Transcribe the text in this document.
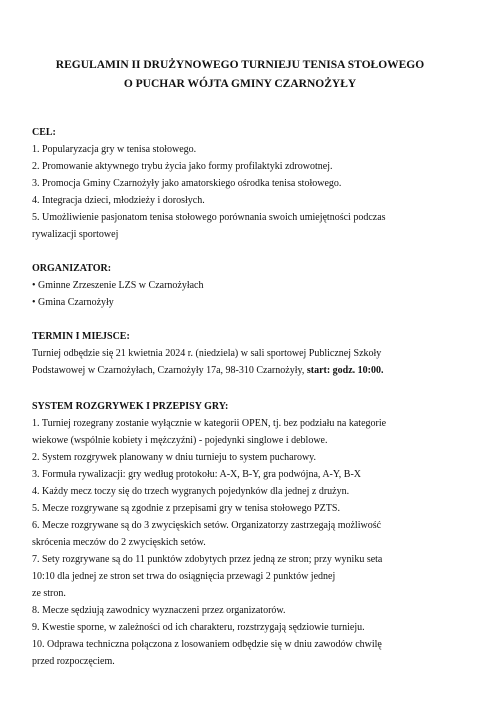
REGULAMIN II DRUŻYNOWEGO TURNIEJU TENISA STOŁOWEGO
O PUCHAR WÓJTA GMINY CZARNOŻYŁY
CEL:
1. Popularyzacja gry w tenisa stołowego.
2. Promowanie aktywnego trybu życia jako formy profilaktyki zdrowotnej.
3. Promocja Gminy Czarnożyły jako amatorskiego ośrodka tenisa stołowego.
4. Integracja dzieci, młodzieży i dorosłych.
5. Umożliwienie pasjonatom tenisa stołowego porównania swoich umiejętności podczas
rywalizacji sportowej
ORGANIZATOR:
• Gminne Zrzeszenie LZS w Czarnożyłach
• Gmina Czarnożyły
TERMIN I MIEJSCE:
Turniej odbędzie się 21 kwietnia 2024 r. (niedziela) w sali sportowej Publicznej Szkoły
Podstawowej w Czarnożyłach, Czarnożyły 17a, 98-310 Czarnożyły, start: godz. 10:00.
SYSTEM ROZGRYWEK I PRZEPISY GRY:
1. Turniej rozegrany zostanie wyłącznie w kategorii OPEN, tj. bez podziału na kategorie
wiekowe (wspólnie kobiety i mężczyźni) - pojedynki singlowe i deblowe.
2. System rozgrywek planowany w dniu turnieju to system pucharowy.
3. Formuła rywalizacji: gry według protokołu: A-X, B-Y, gra podwójna, A-Y, B-X
4. Każdy mecz toczy się do trzech wygranych pojedynków dla jednej z drużyn.
5. Mecze rozgrywane są zgodnie z przepisami gry w tenisa stołowego PZTS.
6. Mecze rozgrywane są do 3 zwycięskich setów. Organizatorzy zastrzegają możliwość
skrócenia meczów do 2 zwycięskich setów.
7. Sety rozgrywane są do 11 punktów zdobytych przez jedną ze stron; przy wyniku seta
10:10 dla jednej ze stron set trwa do osiągnięcia przewagi 2 punktów jednej
ze stron.
8. Mecze sędziują zawodnicy wyznaczeni przez organizatorów.
9. Kwestie sporne, w zależności od ich charakteru, rozstrzygają sędziowie turnieju.
10. Odprawa techniczna połączona z losowaniem odbędzie się w dniu zawodów chwilę
przed rozpoczęciem.
